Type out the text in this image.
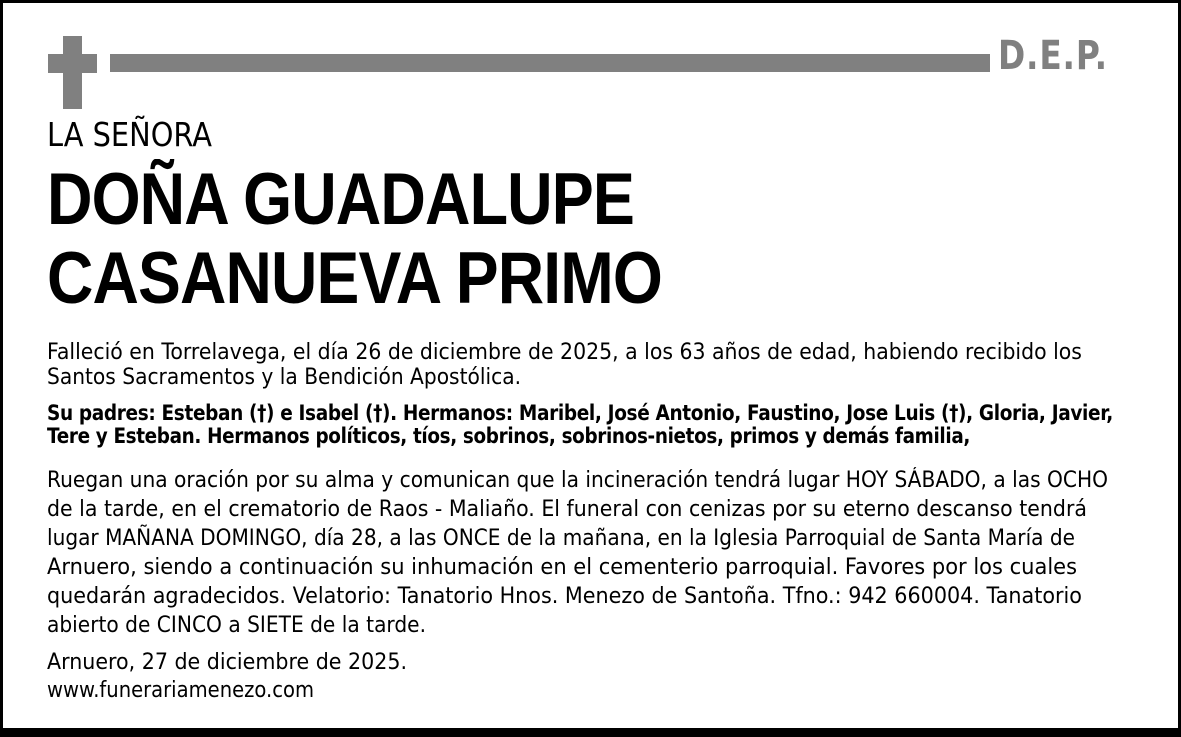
D.E.P.
LA SEÑORA
DOÑA GUADALUPE
CASANUEVA PRIMO
Falleció en Torrelavega, el día 26 de diciembre de 2025, a los 63 años de edad, habiendo recibido los
Santos Sacramentos y la Bendición Apostólica.
Su padres: Esteban (†) e Isabel (†). Hermanos: Maribel, José Antonio, Faustino, Jose Luis (†), Gloria, Javier,
Tere y Esteban. Hermanos políticos, tíos, sobrinos, sobrinos-nietos, primos y demás familia,
Ruegan una oración por su alma y comunican que la incineración tendrá lugar HOY SÁBADO, a las OCHO
de la tarde, en el crematorio de Raos - Maliaño. El funeral con cenizas por su eterno descanso tendrá
lugar MAÑANA DOMINGO, día 28, a las ONCE de la mañana, en la Iglesia Parroquial de Santa María de
Arnuero, siendo a continuación su inhumación en el cementerio parroquial. Favores por los cuales
quedarán agradecidos. Velatorio: Tanatorio Hnos. Menezo de Santoña. Tfno.: 942 660004. Tanatorio
abierto de CINCO a SIETE de la tarde.
Arnuero, 27 de diciembre de 2025.
www.funerariamenezo.com
